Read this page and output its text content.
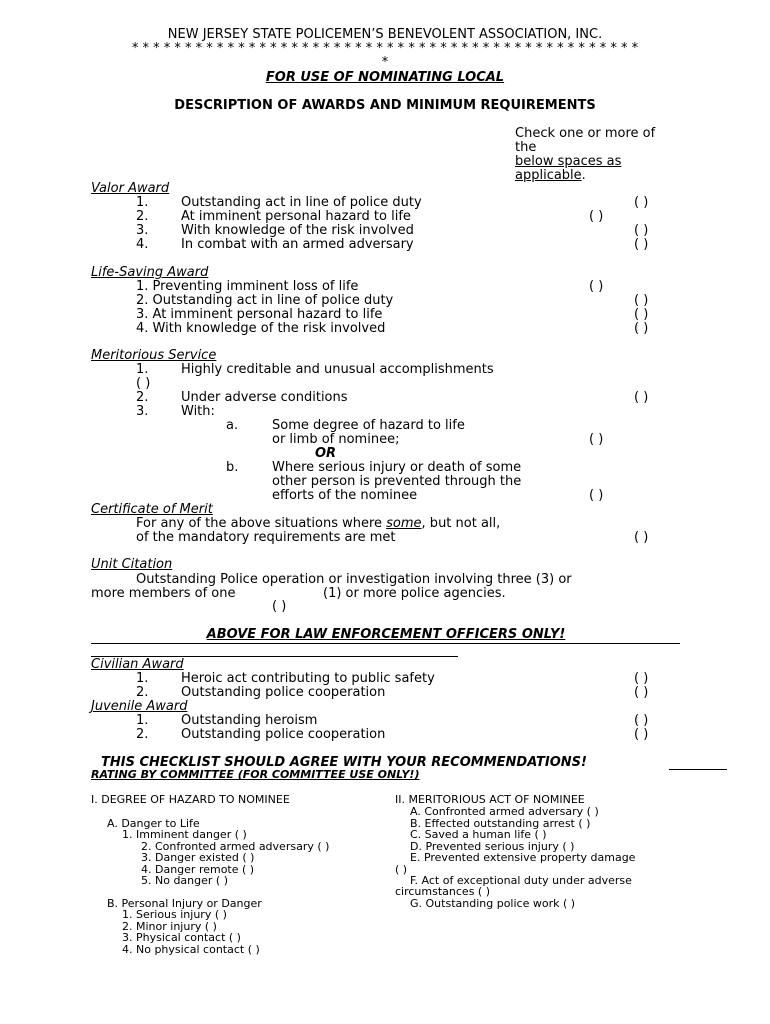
NEW JERSEY STATE POLICEMEN’S BENEVOLENT ASSOCIATION, INC.
* * * * * * * * * * * * * * * * * * * * * * * * * * * * * * * * * * * * * * * * * * * * * * * *
*
FOR USE OF NOMINATING LOCAL
DESCRIPTION OF AWARDS AND MINIMUM REQUIREMENTS
Check one or more of
the
below spaces as
applicable.
Valor Award
1.	Outstanding act in line of police duty	( )
2.	At imminent personal hazard to life	( )
3.	With knowledge of the risk involved	( )
4.	In combat with an armed adversary	( )
Life-Saving Award
1. Preventing imminent loss of life	( )
2. Outstanding act in line of police duty	( )
3. At imminent personal hazard to life	( )
4. With knowledge of the risk involved	( )
Meritorious Service
1.	Highly creditable and unusual accomplishments
( )
2.	Under adverse conditions	( )
3.	With:
a.	Some degree of hazard to life
or limb of nominee;	( )
OR
b.	Where serious injury or death of some
other person is prevented through the
efforts of the nominee	( )
Certificate of Merit
For any of the above situations where some, but not all,
of the mandatory requirements are met	( )
Unit Citation
Outstanding Police operation or investigation involving three (3) or
more members of one	(1) or more police agencies.
( )
ABOVE FOR LAW ENFORCEMENT OFFICERS ONLY!
Civilian Award
1.	Heroic act contributing to public safety	( )
2.	Outstanding police cooperation	( )
Juvenile Award
1.	Outstanding heroism	( )
2.	Outstanding police cooperation	( )
THIS CHECKLIST SHOULD AGREE WITH YOUR RECOMMENDATIONS!
RATING BY COMMITTEE (FOR COMMITTEE USE ONLY!)
I. DEGREE OF HAZARD TO NOMINEE
A. Danger to Life
1. Imminent danger ( )
2. Confronted armed adversary ( )
3. Danger existed ( )
4. Danger remote ( )
5. No danger ( )
B. Personal Injury or Danger
1. Serious injury ( )
2. Minor injury ( )
3. Physical contact ( )
4. No physical contact ( )
II. MERITORIOUS ACT OF NOMINEE
A. Confronted armed adversary ( )
B. Effected outstanding arrest ( )
C. Saved a human life ( )
D. Prevented serious injury ( )
E. Prevented extensive property damage
( )
F. Act of exceptional duty under adverse
circumstances ( )
G. Outstanding police work ( )
